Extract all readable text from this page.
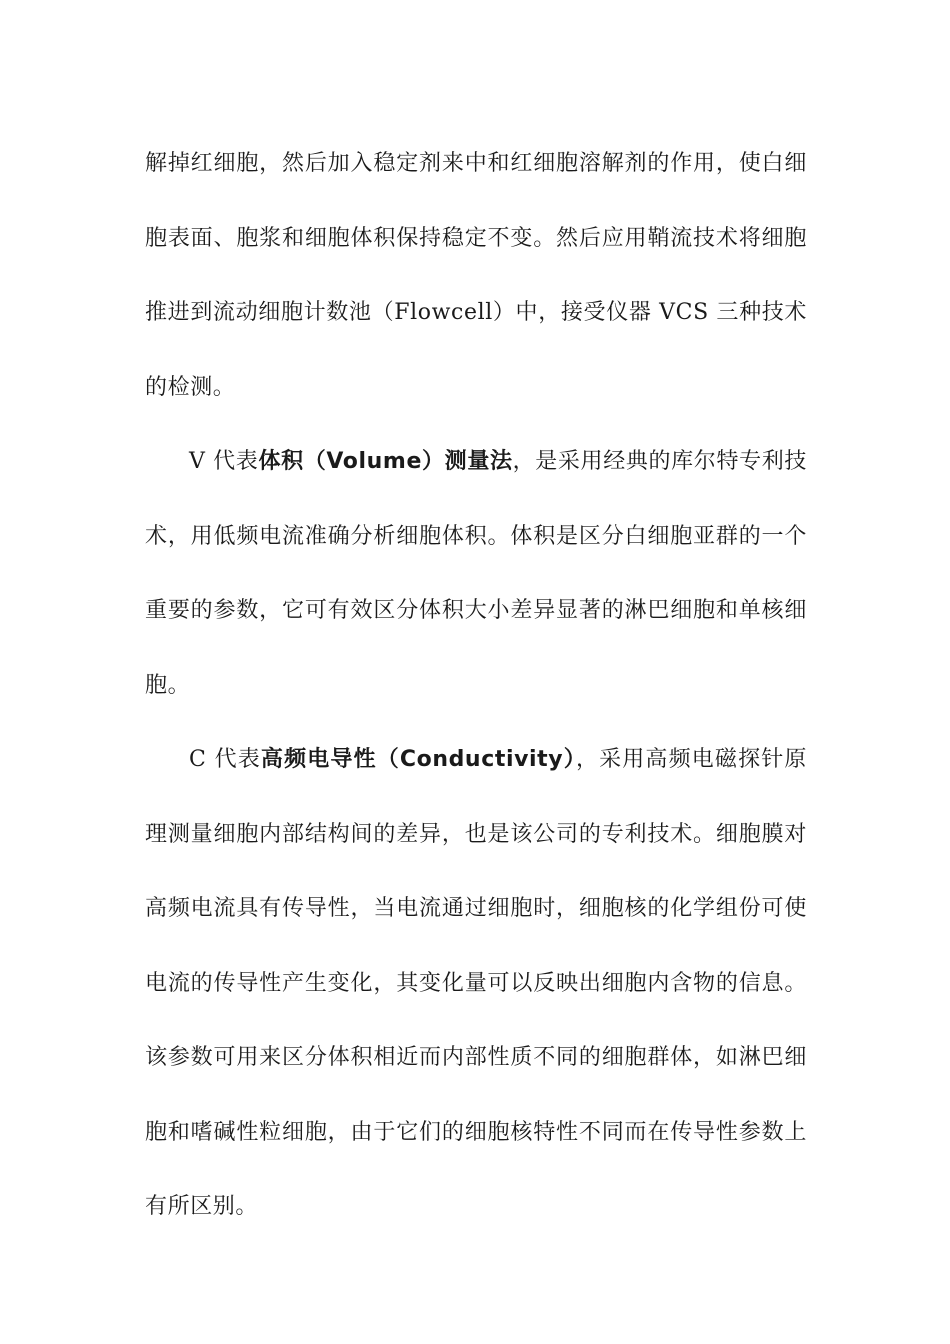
解掉红细胞，然后加入稳定剂来中和红细胞溶解剂的作用，使白细胞表面、胞浆和细胞体积保持稳定不变。然后应用鞘流技术将细胞推进到流动细胞计数池（Flowcell）中，接受仪器 VCS 三种技术的检测。

V 代表体积（Volume）测量法，是采用经典的库尔特专利技术，用低频电流准确分析细胞体积。体积是区分白细胞亚群的一个重要的参数，它可有效区分体积大小差异显著的淋巴细胞和单核细胞。

C 代表高频电导性（Conductivity），采用高频电磁探针原理测量细胞内部结构间的差异，也是该公司的专利技术。细胞膜对高频电流具有传导性，当电流通过细胞时，细胞核的化学组份可使电流的传导性产生变化，其变化量可以反映出细胞内含物的信息。该参数可用来区分体积相近而内部性质不同的细胞群体，如淋巴细胞和嗜碱性粒细胞，由于它们的细胞核特性不同而在传导性参数上有所区别。
